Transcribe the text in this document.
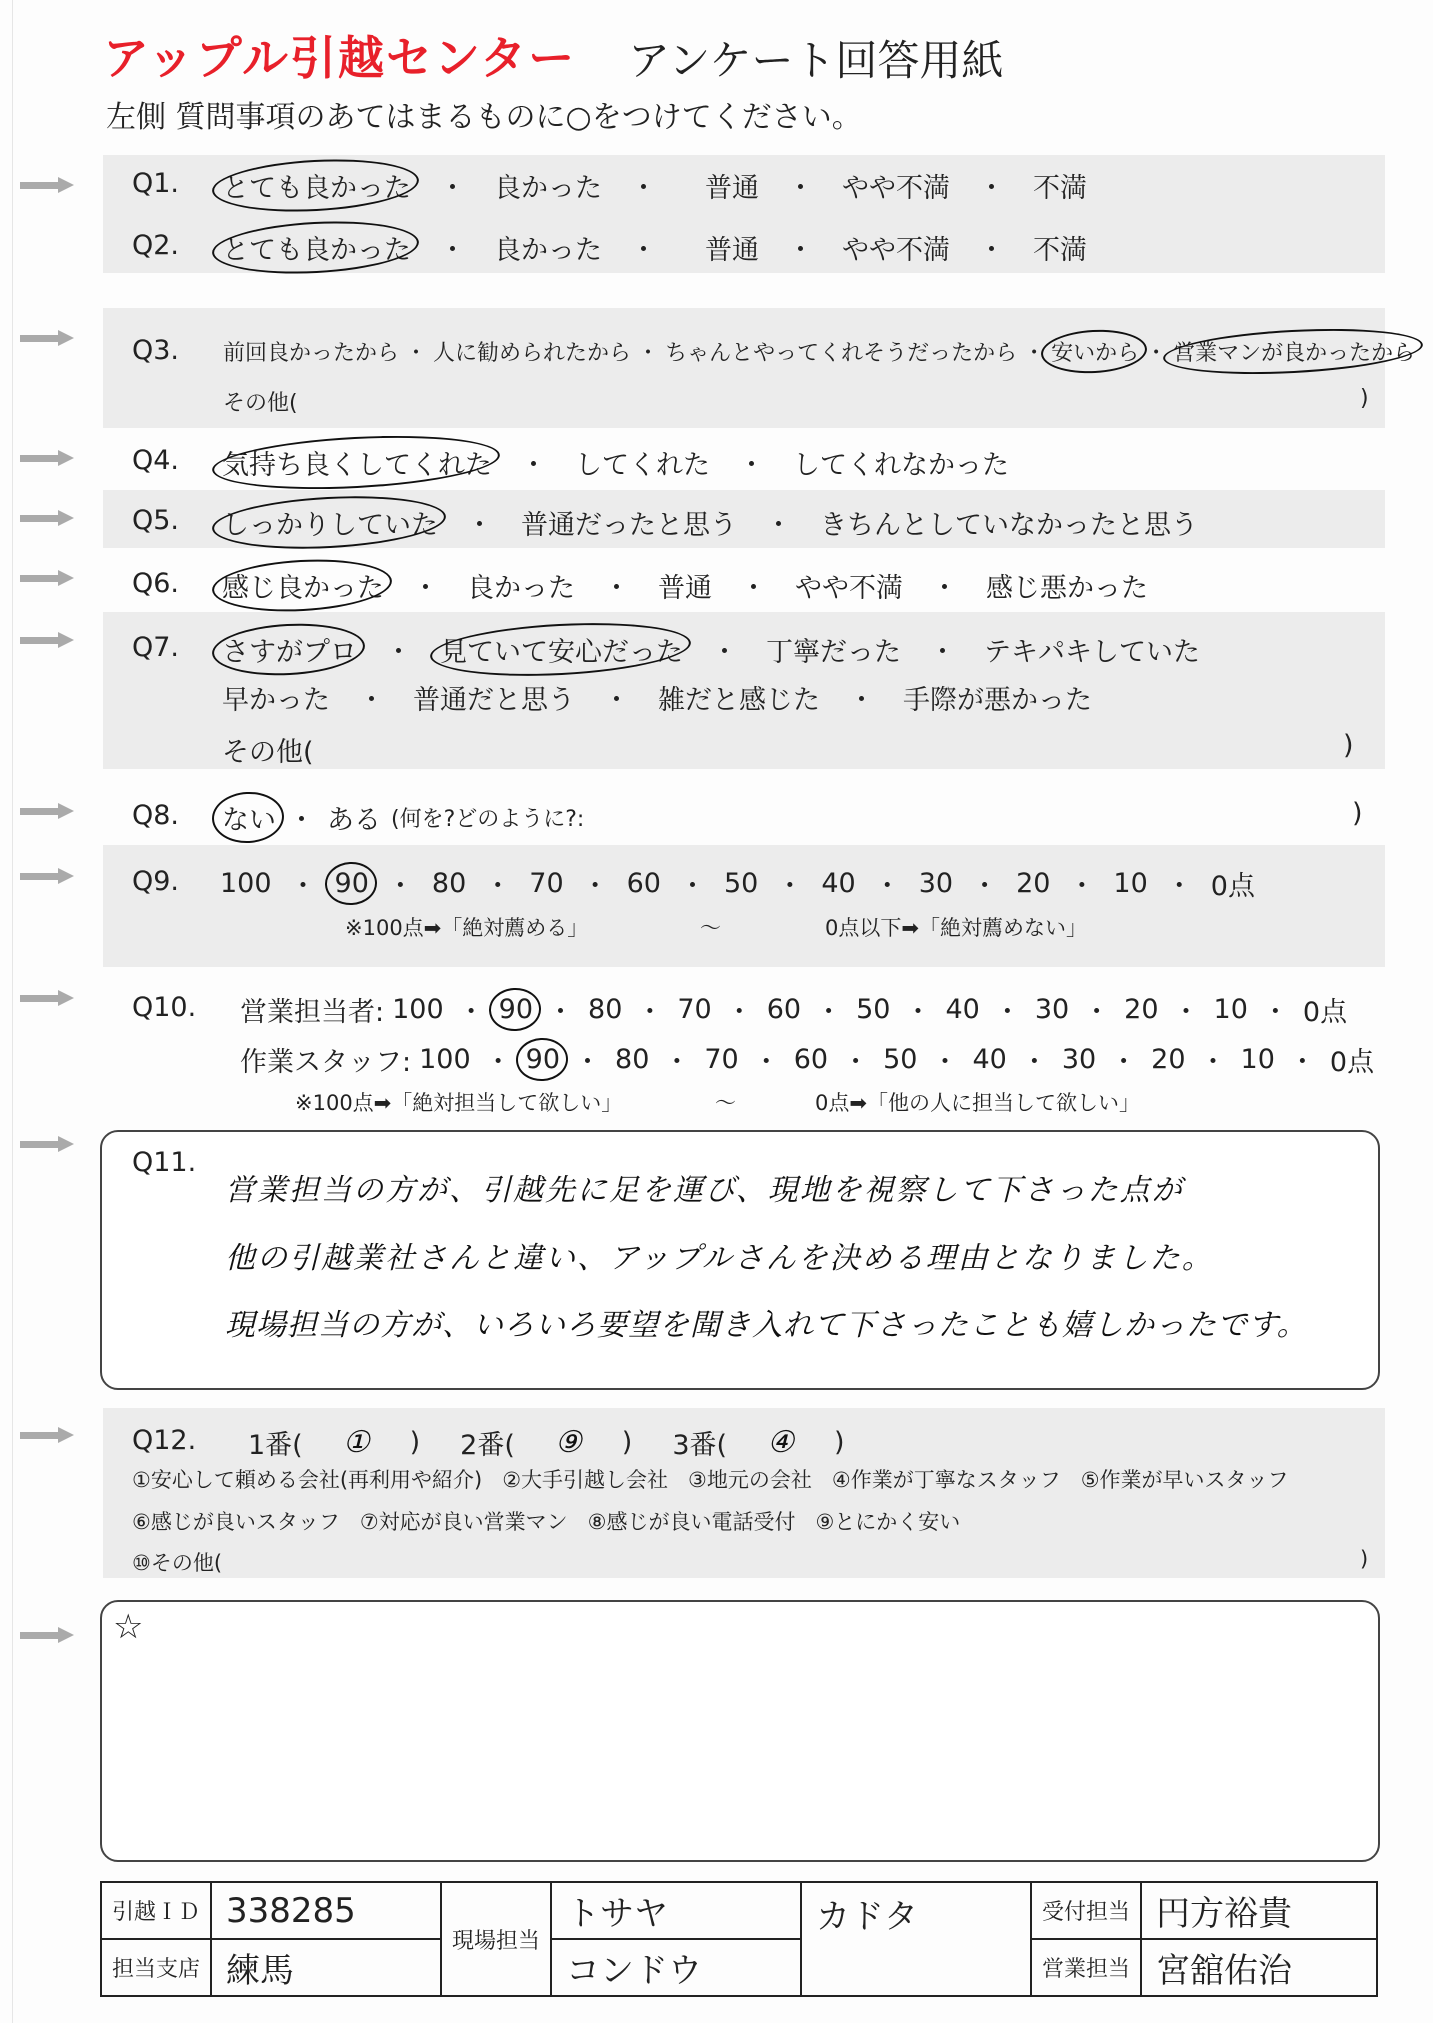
アップル引越センター アンケート回答用紙
左側 質問事項のあてはまるものに○をつけてください。
Q1. とても良かった ・ 良かった ・ 普通 ・ やや不満 ・ 不満
Q2. とても良かった ・ 良かった ・ 普通 ・ やや不満 ・ 不満
Q3. 前回良かったから ・ 人に勧められたから ・ ちゃんとやってくれそうだったから ・ 安いから ・ 営業マンが良かったから
その他(	)
Q4. 気持ち良くしてくれた ・ してくれた ・ してくれなかった
Q5. しっかりしていた ・ 普通だったと思う ・ きちんとしていなかったと思う
Q6. 感じ良かった ・ 良かった ・ 普通 ・ やや不満 ・ 感じ悪かった
Q7. さすがプロ ・ 見ていて安心だった ・ 丁寧だった ・ テキパキしていた
早かった ・ 普通だと思う ・ 雑だと感じた ・ 手際が悪かった
その他(	)
Q8. ない ・ ある (何を?どのように?:	)
Q9. 100 ・ 90 ・ 80 ・ 70 ・ 60 ・ 50 ・ 40 ・ 30 ・ 20 ・ 10 ・ 0点
※100点➡「絶対薦める」	～	0点以下➡「絶対薦めない」
Q10. 営業担当者: 100 ・ 90 ・ 80 ・ 70 ・ 60 ・ 50 ・ 40 ・ 30 ・ 20 ・ 10 ・ 0点
作業スタッフ: 100 ・ 90 ・ 80 ・ 70 ・ 60 ・ 50 ・ 40 ・ 30 ・ 20 ・ 10 ・ 0点
※100点➡「絶対担当して欲しい」	～	0点➡「他の人に担当して欲しい」
Q11.
営業担当の方が、引越先に足を運び、現地を視察して下さった点が
他の引越業社さんと違い、アップルさんを決める理由となりました。
現場担当の方が、いろいろ要望を聞き入れて下さったことも嬉しかったです。
Q12. 1番( ① ) 2番( ⑨ ) 3番( ④ )
①安心して頼める会社(再利用や紹介) ②大手引越し会社 ③地元の会社 ④作業が丁寧なスタッフ ⑤作業が早いスタッフ
⑥感じが良いスタッフ ⑦対応が良い営業マン ⑧感じが良い電話受付 ⑨とにかく安い
⑩その他(	)
☆
引越ＩＤ	338285	現場担当	トサヤ	カドタ	受付担当	円方裕貴
担当支店	練馬		コンドウ		営業担当	宮舘佑治
